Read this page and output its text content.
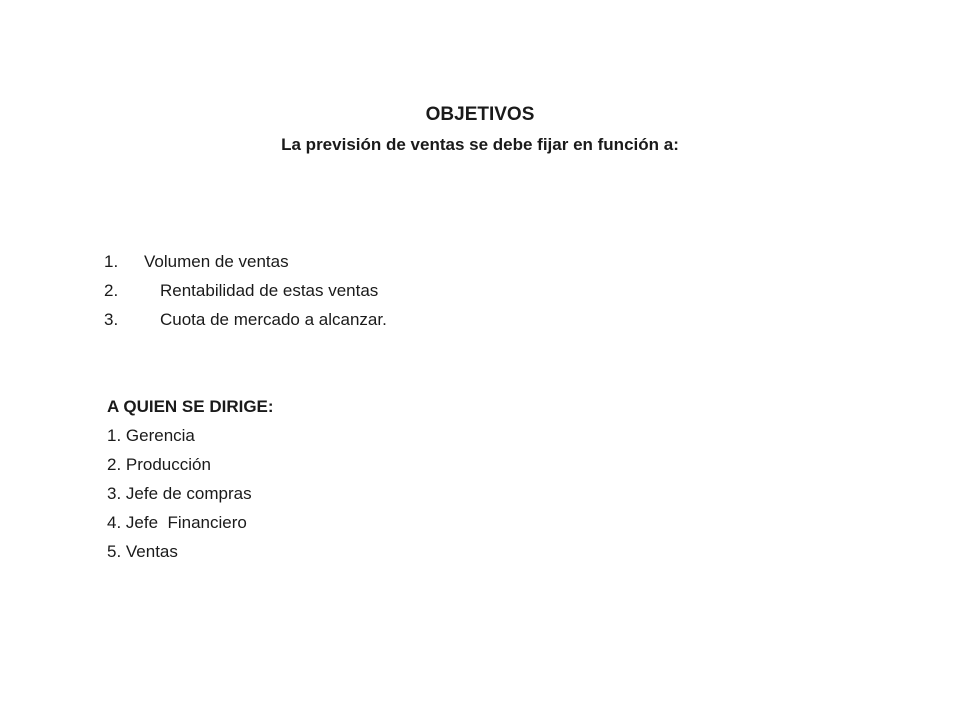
OBJETIVOS
La previsión de ventas se debe fijar en función a:
1. Volumen de ventas
2. Rentabilidad de estas ventas
3. Cuota de mercado a alcanzar.
A QUIEN SE DIRIGE:
1. Gerencia
2. Producción
3. Jefe de compras
4. Jefe  Financiero
5. Ventas
